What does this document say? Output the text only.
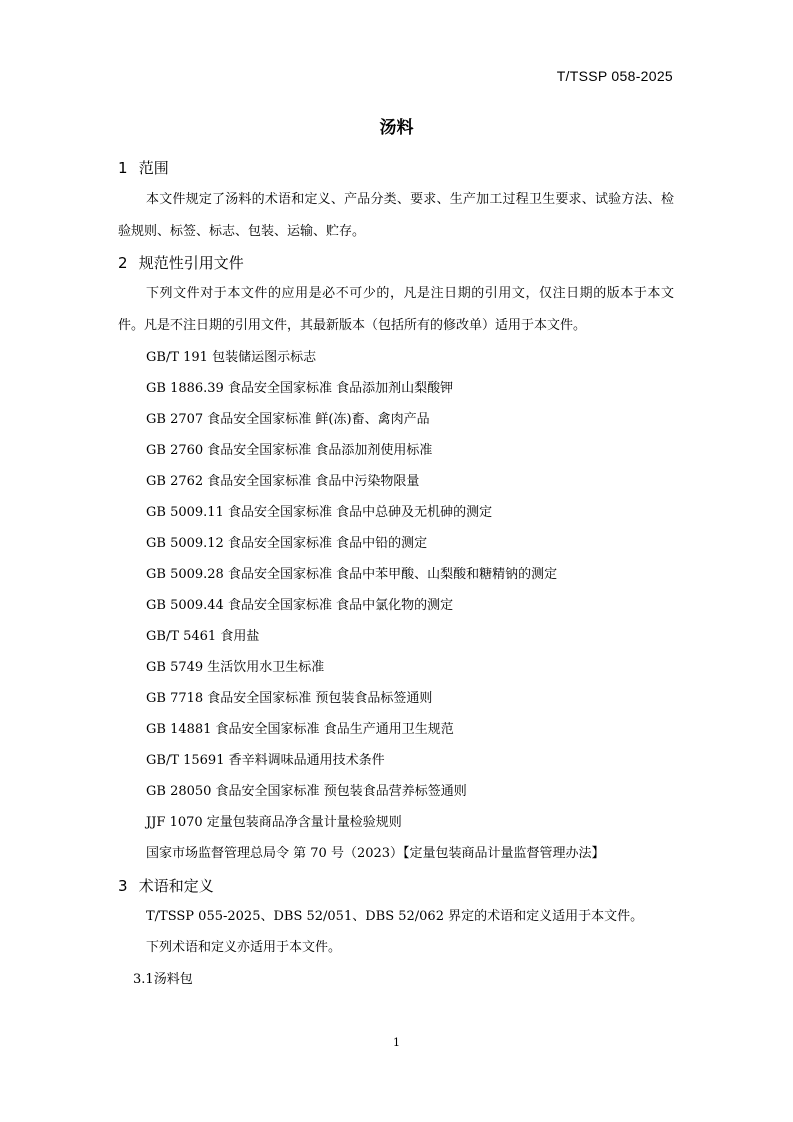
T/TSSP 058-2025
汤料
1 范围
本文件规定了汤料的术语和定义、产品分类、要求、生产加工过程卫生要求、试验方法、检验规则、标签、标志、包装、运输、贮存。
2 规范性引用文件
下列文件对于本文件的应用是必不可少的，凡是注日期的引用文，仅注日期的版本于本文件。凡是不注日期的引用文件，其最新版本（包括所有的修改单）适用于本文件。
GB/T 191 包装储运图示标志
GB 1886.39 食品安全国家标准 食品添加剂山梨酸钾
GB 2707 食品安全国家标准 鲜(冻)畜、禽肉产品
GB 2760 食品安全国家标准 食品添加剂使用标准
GB 2762 食品安全国家标准 食品中污染物限量
GB 5009.11 食品安全国家标准 食品中总砷及无机砷的测定
GB 5009.12 食品安全国家标准 食品中铅的测定
GB 5009.28 食品安全国家标准 食品中苯甲酸、山梨酸和糖精钠的测定
GB 5009.44 食品安全国家标准 食品中氯化物的测定
GB/T 5461 食用盐
GB 5749 生活饮用水卫生标准
GB 7718 食品安全国家标准 预包装食品标签通则
GB 14881 食品安全国家标准 食品生产通用卫生规范
GB/T 15691 香辛料调味品通用技术条件
GB 28050 食品安全国家标准 预包装食品营养标签通则
JJF 1070 定量包装商品净含量计量检验规则
国家市场监督管理总局令 第 70 号（2023）【定量包装商品计量监督管理办法】
3 术语和定义
T/TSSP 055-2025、DBS 52/051、DBS 52/062 界定的术语和定义适用于本文件。
下列术语和定义亦适用于本文件。
3.1汤料包
1
